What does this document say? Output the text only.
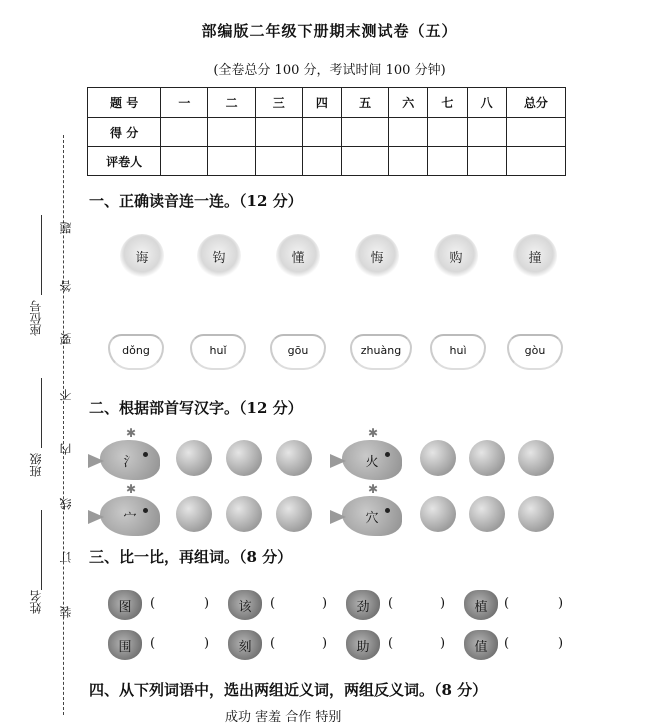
部编版二年级下册期末测试卷（五）
(全卷总分 100 分，考试时间 100 分钟)
题 号	一	二	三	四	五	六	七	八	总分
得 分									
评卷人									
题
答
要
不
内
线
订
装
座位号
班级
姓名
一、正确读音连一连。（12 分）
诲	钩	懂	悔	购	撞
dǒng	huǐ	gōu	zhuàng	huì	gòu
二、根据部首写汉字。（12 分）
✱
氵
✱
火
✱
宀
✱
穴
三、比一比，再组词。（8 分）
图	(	)	该	(	)	劲	(	)	植	(	)
围	(	)	刻	(	)	助	(	)	值	(	)
四、从下列词语中，选出两组近义词，两组反义词。（8 分）
成功 害羞 合作 特别
